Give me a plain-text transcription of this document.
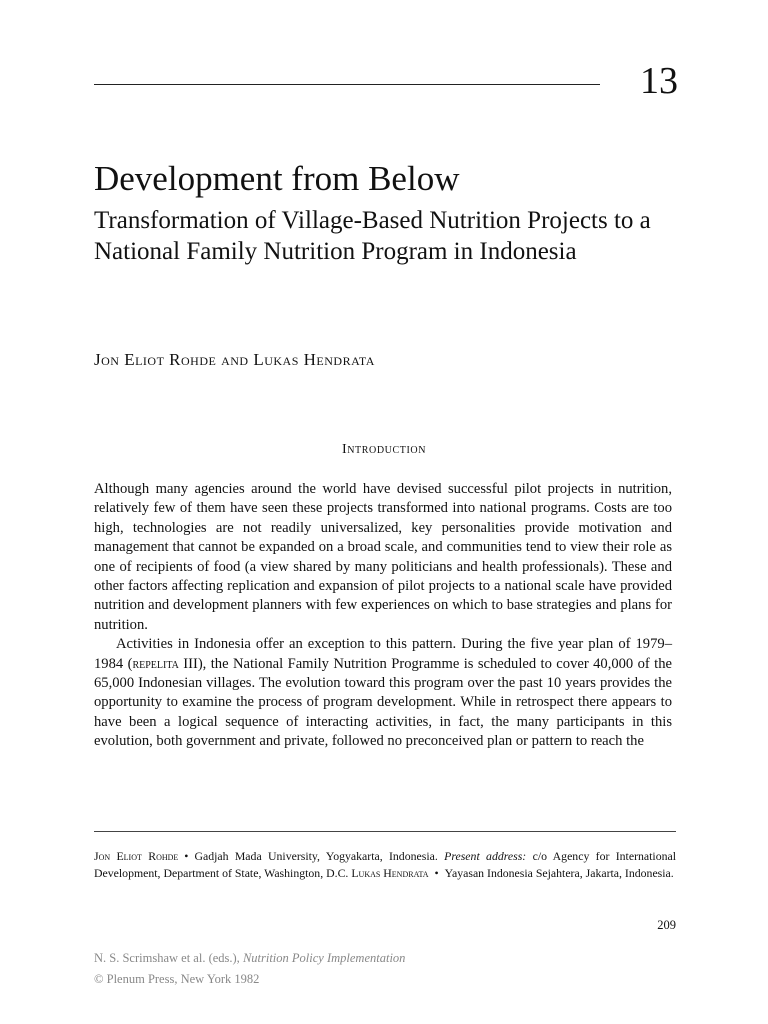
13
Development from Below
Transformation of Village-Based Nutrition Projects to a National Family Nutrition Program in Indonesia
Jon Eliot Rohde and Lukas Hendrata
Introduction

Although many agencies around the world have devised successful pilot projects in nutrition, relatively few of them have seen these projects transformed into national programs. Costs are too high, technologies are not readily universalized, key personalities provide motivation and management that cannot be expanded on a broad scale, and communities tend to view their role as one of recipients of food (a view shared by many politicians and health professionals). These and other factors affecting replication and expansion of pilot projects to a national scale have provided nutrition and development planners with few experiences on which to base strategies and plans for nutrition.

Activities in Indonesia offer an exception to this pattern. During the five year plan of 1979–1984 (repelita III), the National Family Nutrition Programme is scheduled to cover 40,000 of the 65,000 Indonesian villages. The evolution toward this program over the past 10 years provides the opportunity to examine the process of program development. While in retrospect there appears to have been a logical sequence of interacting activities, in fact, the many participants in this evolution, both government and private, followed no preconceived plan or pattern to reach the

Jon Eliot Rohde • Gadjah Mada University, Yogyakarta, Indonesia. Present address: c/o Agency for International Development, Department of State, Washington, D.C. Lukas Hendrata • Yayasan Indonesia Sejahtera, Jakarta, Indonesia.
209
N. S. Scrimshaw et al. (eds.), Nutrition Policy Implementation
© Plenum Press, New York 1982
